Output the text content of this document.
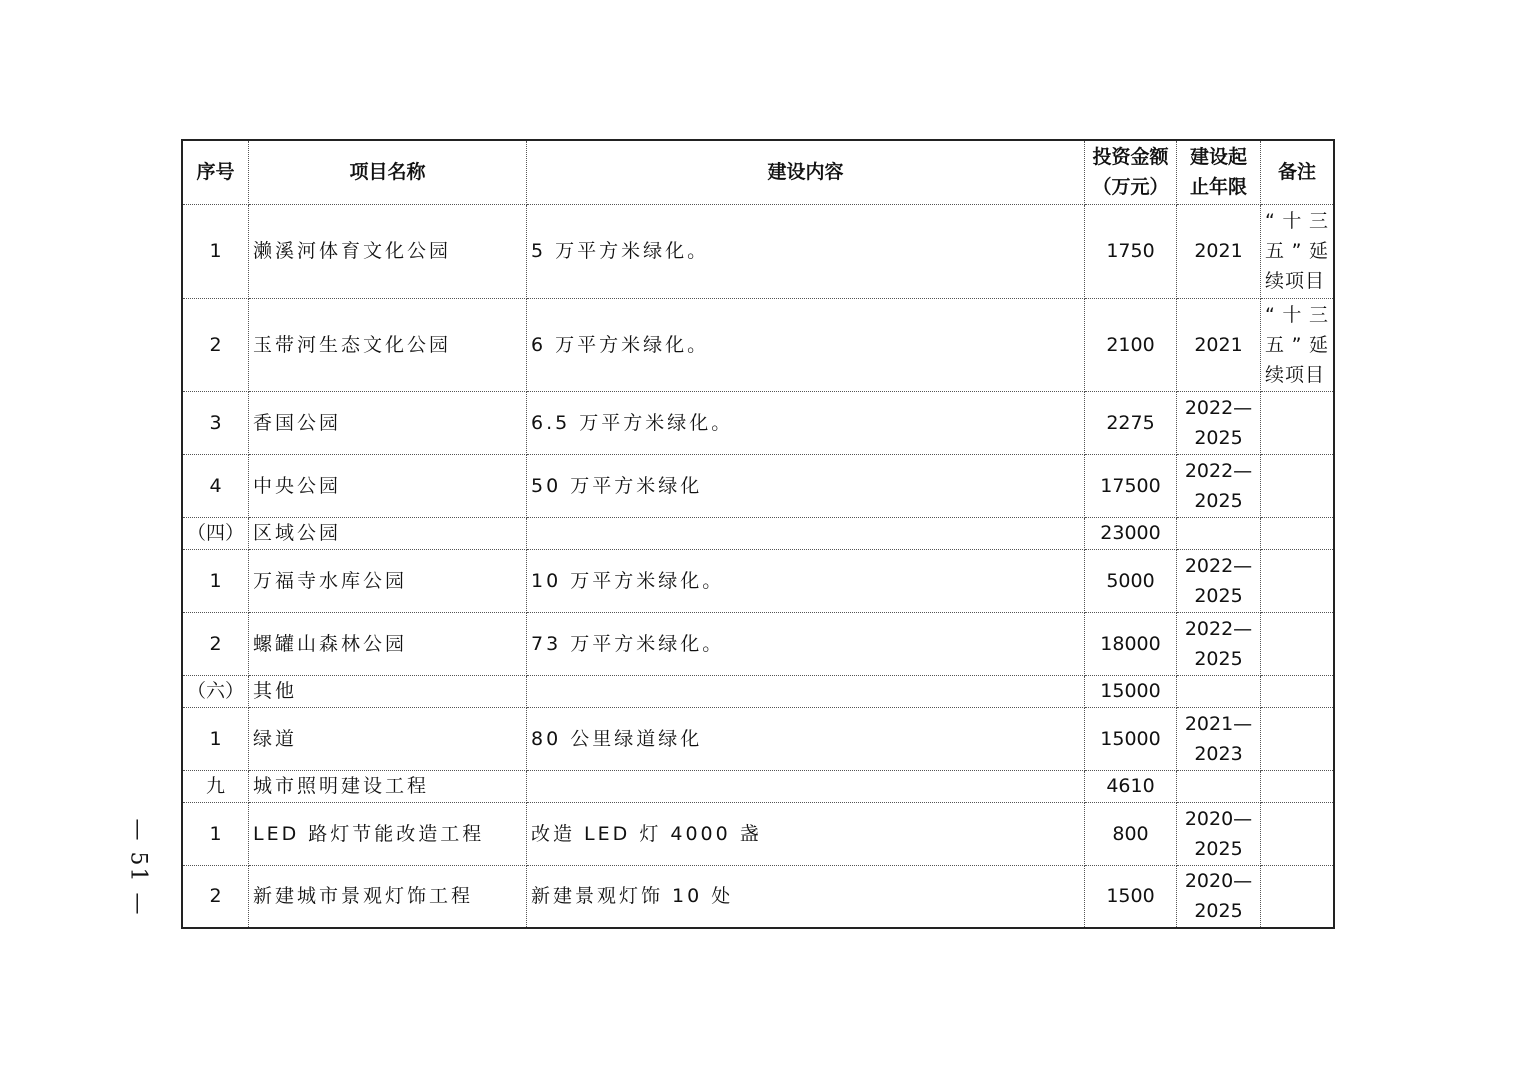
— 51 —
序号	项目名称	建设内容	投资金额（万元）	建设起止年限	备注
1	濑溪河体育文化公园	5 万平方米绿化。	1750	2021	“十三五”延续项目
2	玉带河生态文化公园	6 万平方米绿化。	2100	2021	“十三五”延续项目
3	香国公园	6.5 万平方米绿化。	2275	2022—2025	
4	中央公园	50 万平方米绿化	17500	2022—2025	
（四）	区域公园		23000		
1	万福寺水库公园	10 万平方米绿化。	5000	2022—2025	
2	螺罐山森林公园	73 万平方米绿化。	18000	2022—2025	
（六）	其他		15000		
1	绿道	80 公里绿道绿化	15000	2021—2023	
九	城市照明建设工程		4610		
1	LED 路灯节能改造工程	改造 LED 灯 4000 盏	800	2020—2025	
2	新建城市景观灯饰工程	新建景观灯饰 10 处	1500	2020—2025	
